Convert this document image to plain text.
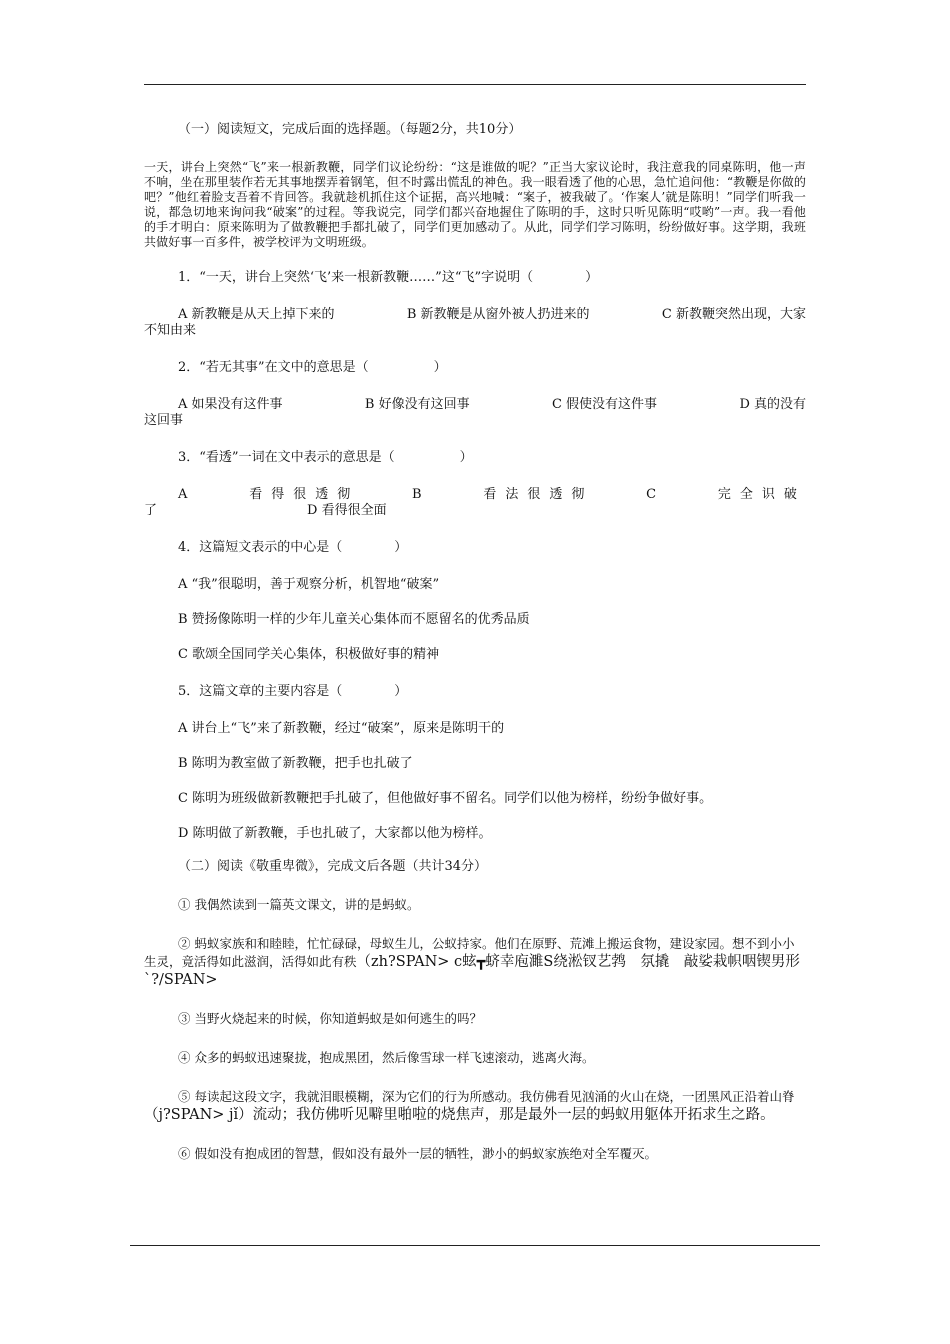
（一）阅读短文，完成后面的选择题。（每题2分，共10分）

一天，讲台上突然“飞”来一根新教鞭，同学们议论纷纷：“这是谁做的呢？”正当大家议论时，我注意我的同桌陈明，他一声不响，坐在那里装作若无其事地摆弄着钢笔，但不时露出慌乱的神色。我一眼看透了他的心思，急忙追问他：“教鞭是你做的吧？”他红着脸支吾着不肯回答。我就趁机抓住这个证据，高兴地喊：“案子，被我破了。‘作案人’就是陈明！”同学们听我一说，都急切地来询问我“破案”的过程。等我说完，同学们都兴奋地握住了陈明的手，这时只听见陈明“哎哟”一声。我一看他的手才明白：原来陈明为了做教鞭把手都扎破了，同学们更加感动了。从此，同学们学习陈明，纷纷做好事。这学期，我班共做好事一百多件，被学校评为文明班级。

1．“一天，讲台上突然‘飞’来一根新教鞭……”这“飞”字说明（　　　　）

A 新教鞭是从天上掉下来的	B 新教鞭是从窗外被人扔进来的	C 新教鞭突然出现，大家
不知由来

2．“若无其事”在文中的意思是（　　　　　）

A 如果没有这件事	B 好像没有这回事	C 假使没有这件事	D 真的没有
这回事

3．“看透”一词在文中表示的意思是（　　　　　）

A	看得很透彻	B	看法很透彻	C	完全识破
了	D 看得很全面

4．这篇短文表示的中心是（　　　　）

A “我”很聪明，善于观察分析，机智地“破案”

B 赞扬像陈明一样的少年儿童关心集体而不愿留名的优秀品质

C 歌颂全国同学关心集体，积极做好事的精神

5．这篇文章的主要内容是（　　　　）

A 讲台上“飞”来了新教鞭，经过“破案”，原来是陈明干的

B 陈明为教室做了新教鞭，把手也扎破了

C 陈明为班级做新教鞭把手扎破了，但他做好事不留名。同学们以他为榜样，纷纷争做好事。

D 陈明做了新教鞭，手也扎破了，大家都以他为榜样。

（二）阅读《敬重卑微》，完成文后各题（共计34分）

① 我偶然读到一篇英文课文，讲的是蚂蚁。

② 蚂蚁家族和和睦睦，忙忙碌碌，母蚁生儿，公蚁持家。他们在原野、荒滩上搬运食物，建设家园。想不到小小生灵，竟活得如此滋润，活得如此有秩（zh?SPAN> c蚿┳蛴幸庖濉S绕淞钗艺鹁　氛撬　敲娑栽帜咽锲男形 `?/SPAN>

③ 当野火烧起来的时候，你知道蚂蚁是如何逃生的吗？

④ 众多的蚂蚁迅速聚拢，抱成黑团，然后像雪球一样飞速滚动，逃离火海。

⑤ 每读起这段文字，我就泪眼模糊，深为它们的行为所感动。我仿佛看见汹涌的火山在烧，一团黑风正沿着山脊（j?SPAN> jǐ）流动；我仿佛听见噼里啪啦的烧焦声，那是最外一层的蚂蚁用躯体开拓求生之路。

⑥ 假如没有抱成团的智慧，假如没有最外一层的牺牲，渺小的蚂蚁家族绝对全军覆灭。
